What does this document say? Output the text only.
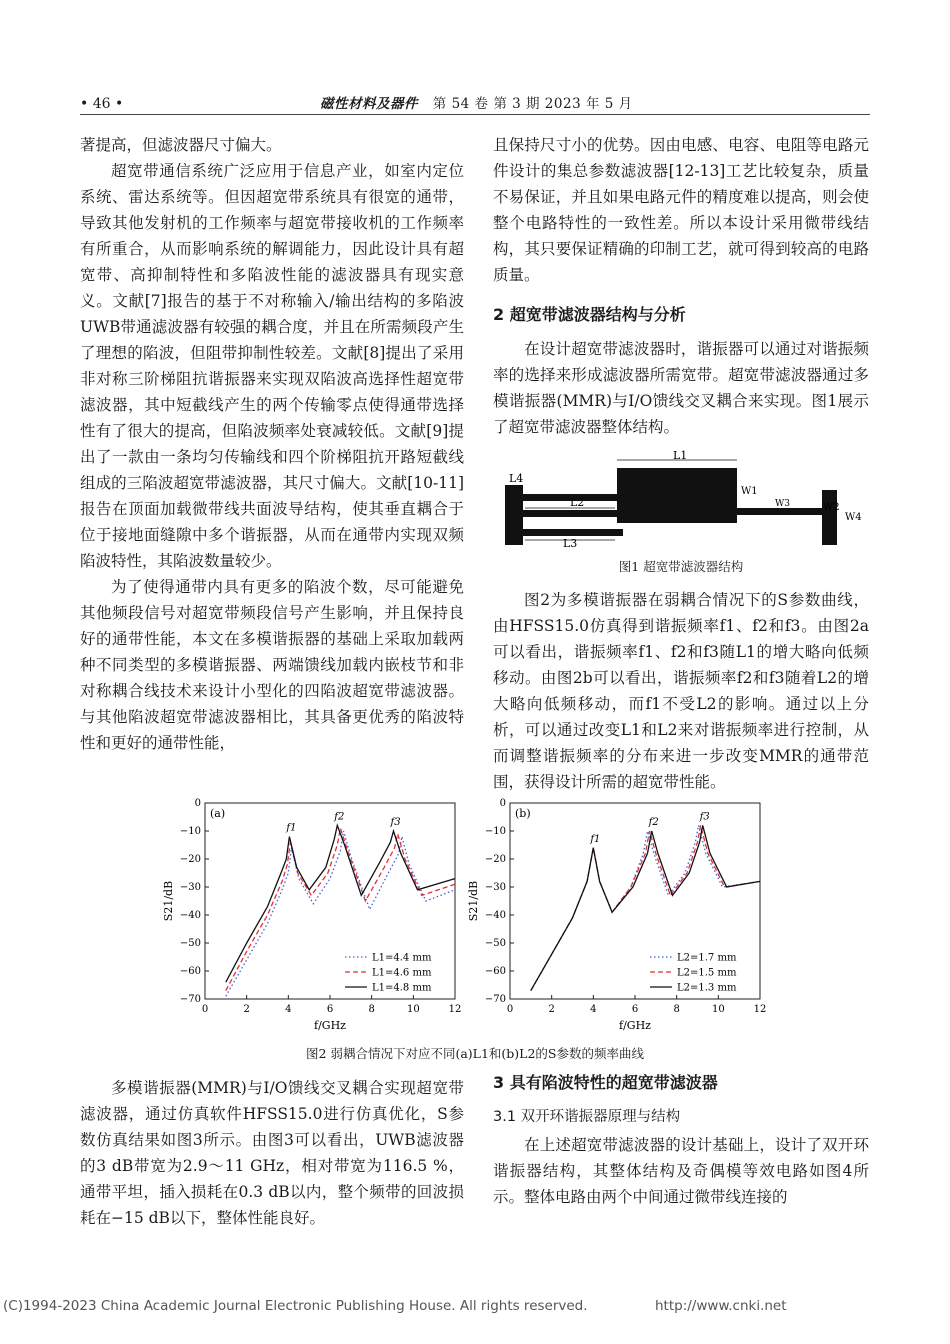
• 46 •	磁性材料及器件 第 54 卷 第 3 期 2023 年 5 月

著提高，但滤波器尺寸偏大。

超宽带通信系统广泛应用于信息产业，如室内定位系统、雷达系统等。但因超宽带系统具有很宽的通带，导致其他发射机的工作频率与超宽带接收机的工作频率有所重合，从而影响系统的解调能力，因此设计具有超宽带、高抑制特性和多陷波性能的滤波器具有现实意义。文献[7]报告的基于不对称输入/输出结构的多陷波UWB带通滤波器有较强的耦合度，并且在所需频段产生了理想的陷波，但阻带抑制性较差。文献[8]提出了采用非对称三阶梯阻抗谐振器来实现双陷波高选择性超宽带滤波器，其中短截线产生的两个传输零点使得通带选择性有了很大的提高，但陷波频率处衰减较低。文献[9]提出了一款由一条均匀传输线和四个阶梯阻抗开路短截线组成的三陷波超宽带滤波器，其尺寸偏大。文献[10-11]报告在顶面加载微带线共面波导结构，使其垂直耦合于位于接地面缝隙中多个谐振器，从而在通带内实现双频陷波特性，其陷波数量较少。

为了使得通带内具有更多的陷波个数，尽可能避免其他频段信号对超宽带频段信号产生影响，并且保持良好的通带性能，本文在多模谐振器的基础上采取加载两种不同类型的多模谐振器、两端馈线加载内嵌枝节和非对称耦合线技术来设计小型化的四陷波超宽带滤波器。与其他陷波超宽带滤波器相比，其具备更优秀的陷波特性和更好的通带性能，

且保持尺寸小的优势。因由电感、电容、电阻等电路元件设计的集总参数滤波器[12-13]工艺比较复杂，质量不易保证，并且如果电路元件的精度难以提高，则会使整个电路特性的一致性差。所以本设计采用微带线结构，其只要保证精确的印制工艺，就可得到较高的电路质量。

2 超宽带滤波器结构与分析

在设计超宽带滤波器时，谐振器可以通过对谐振频率的选择来形成滤波器所需宽带。超宽带滤波器通过多模谐振器(MMR)与I/O馈线交叉耦合来实现。图1展示了超宽带滤波器整体结构。

L1
L2
L3
L4
W1
W2
W3
W4
图1 超宽带滤波器结构

图2为多模谐振器在弱耦合情况下的S参数曲线，由HFSS15.0仿真得到谐振频率f1、f2和f3。由图2a可以看出，谐振频率f1、f2和f3随L1的增大略向低频移动。由图2b可以看出，谐振频率f2和f3随着L2的增大略向低频移动，而f1不受L2的影响。通过以上分析，可以通过改变L1和L2来对谐振频率进行控制，从而调整谐振频率的分布来进一步改变MMR的通带范围，获得设计所需的超宽带性能。

0	2	4	6	8	10	12
0
−10
−20
−30
−40
−50
−60
−70
f/GHz
S21/dB
(a)
f1
f2
f3
L1=4.4 mm
L1=4.6 mm
L1=4.8 mm
0	2	4	6	8	10	12
0
−10
−20
−30
−40
−50
−60
−70
f/GHz
S21/dB
(b)
f1
f2
f3
L2=1.7 mm
L2=1.5 mm
L2=1.3 mm
图2 弱耦合情况下对应不同(a)L1和(b)L2的S参数的频率曲线

多模谐振器(MMR)与I/O馈线交叉耦合实现超宽带滤波器，通过仿真软件HFSS15.0进行仿真优化，S参数仿真结果如图3所示。由图3可以看出，UWB滤波器的3 dB带宽为2.9～11 GHz，相对带宽为116.5 %，通带平坦，插入损耗在0.3 dB以内，整个频带的回波损耗在−15 dB以下，整体性能良好。

3 具有陷波特性的超宽带滤波器
3.1 双开环谐振器原理与结构

在上述超宽带滤波器的设计基础上，设计了双开环谐振器结构，其整体结构及奇偶模等效电路如图4所示。整体电路由两个中间通过微带线连接的

(C)1994-2023 China Academic Journal Electronic Publishing House. All rights reserved.	http://www.cnki.net
